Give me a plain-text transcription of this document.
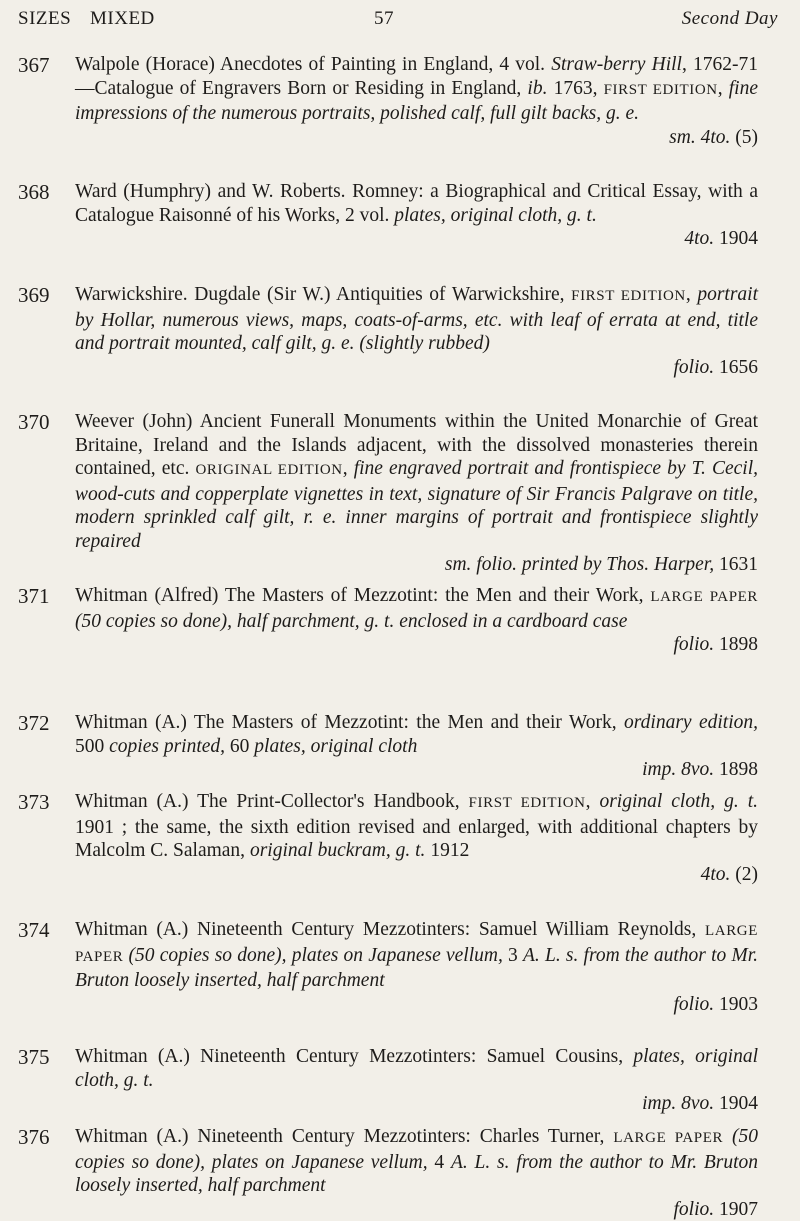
SIZES MIXED	57	Second Day
367 Walpole (Horace) Anecdotes of Painting in England, 4 vol. Straw-berry Hill, 1762-71—Catalogue of Engravers Born or Residing in England, ib. 1763, FIRST EDITION, fine impressions of the numerous portraits, polished calf, full gilt backs, g. e.
sm. 4to. (5)
368 Ward (Humphry) and W. Roberts. Romney: a Biographical and Critical Essay, with a Catalogue Raisonné of his Works, 2 vol. plates, original cloth, g. t.
4to. 1904
369 Warwickshire. Dugdale (Sir W.) Antiquities of Warwickshire, FIRST EDITION, portrait by Hollar, numerous views, maps, coats-of-arms, etc. with leaf of errata at end, title and portrait mounted, calf gilt, g. e. (slightly rubbed)
folio. 1656
370 Weever (John) Ancient Funerall Monuments within the United Monarchie of Great Britaine, Ireland and the Islands adjacent, with the dissolved monasteries therein contained, etc. ORIGINAL EDITION, fine engraved portrait and frontispiece by T. Cecil, wood-cuts and copperplate vignettes in text, signature of Sir Francis Palgrave on title, modern sprinkled calf gilt, r. e. inner margins of portrait and frontispiece slightly repaired
sm. folio. printed by Thos. Harper, 1631
371 Whitman (Alfred) The Masters of Mezzotint: the Men and their Work, LARGE PAPER (50 copies so done), half parchment, g. t. enclosed in a cardboard case
folio. 1898
372 Whitman (A.) The Masters of Mezzotint: the Men and their Work, ordinary edition, 500 copies printed, 60 plates, original cloth
imp. 8vo. 1898
373 Whitman (A.) The Print-Collector's Handbook, FIRST EDITION, original cloth, g. t. 1901 ; the same, the sixth edition revised and enlarged, with additional chapters by Malcolm C. Salaman, original buckram, g. t. 1912
4to. (2)
374 Whitman (A.) Nineteenth Century Mezzotinters: Samuel William Reynolds, LARGE PAPER (50 copies so done), plates on Japanese vellum, 3 A. L. s. from the author to Mr. Bruton loosely inserted, half parchment
folio. 1903
375 Whitman (A.) Nineteenth Century Mezzotinters: Samuel Cousins, plates, original cloth, g. t.
imp. 8vo. 1904
376 Whitman (A.) Nineteenth Century Mezzotinters: Charles Turner, LARGE PAPER (50 copies so done), plates on Japanese vellum, 4 A. L. s. from the author to Mr. Bruton loosely inserted, half parchment
folio. 1907
